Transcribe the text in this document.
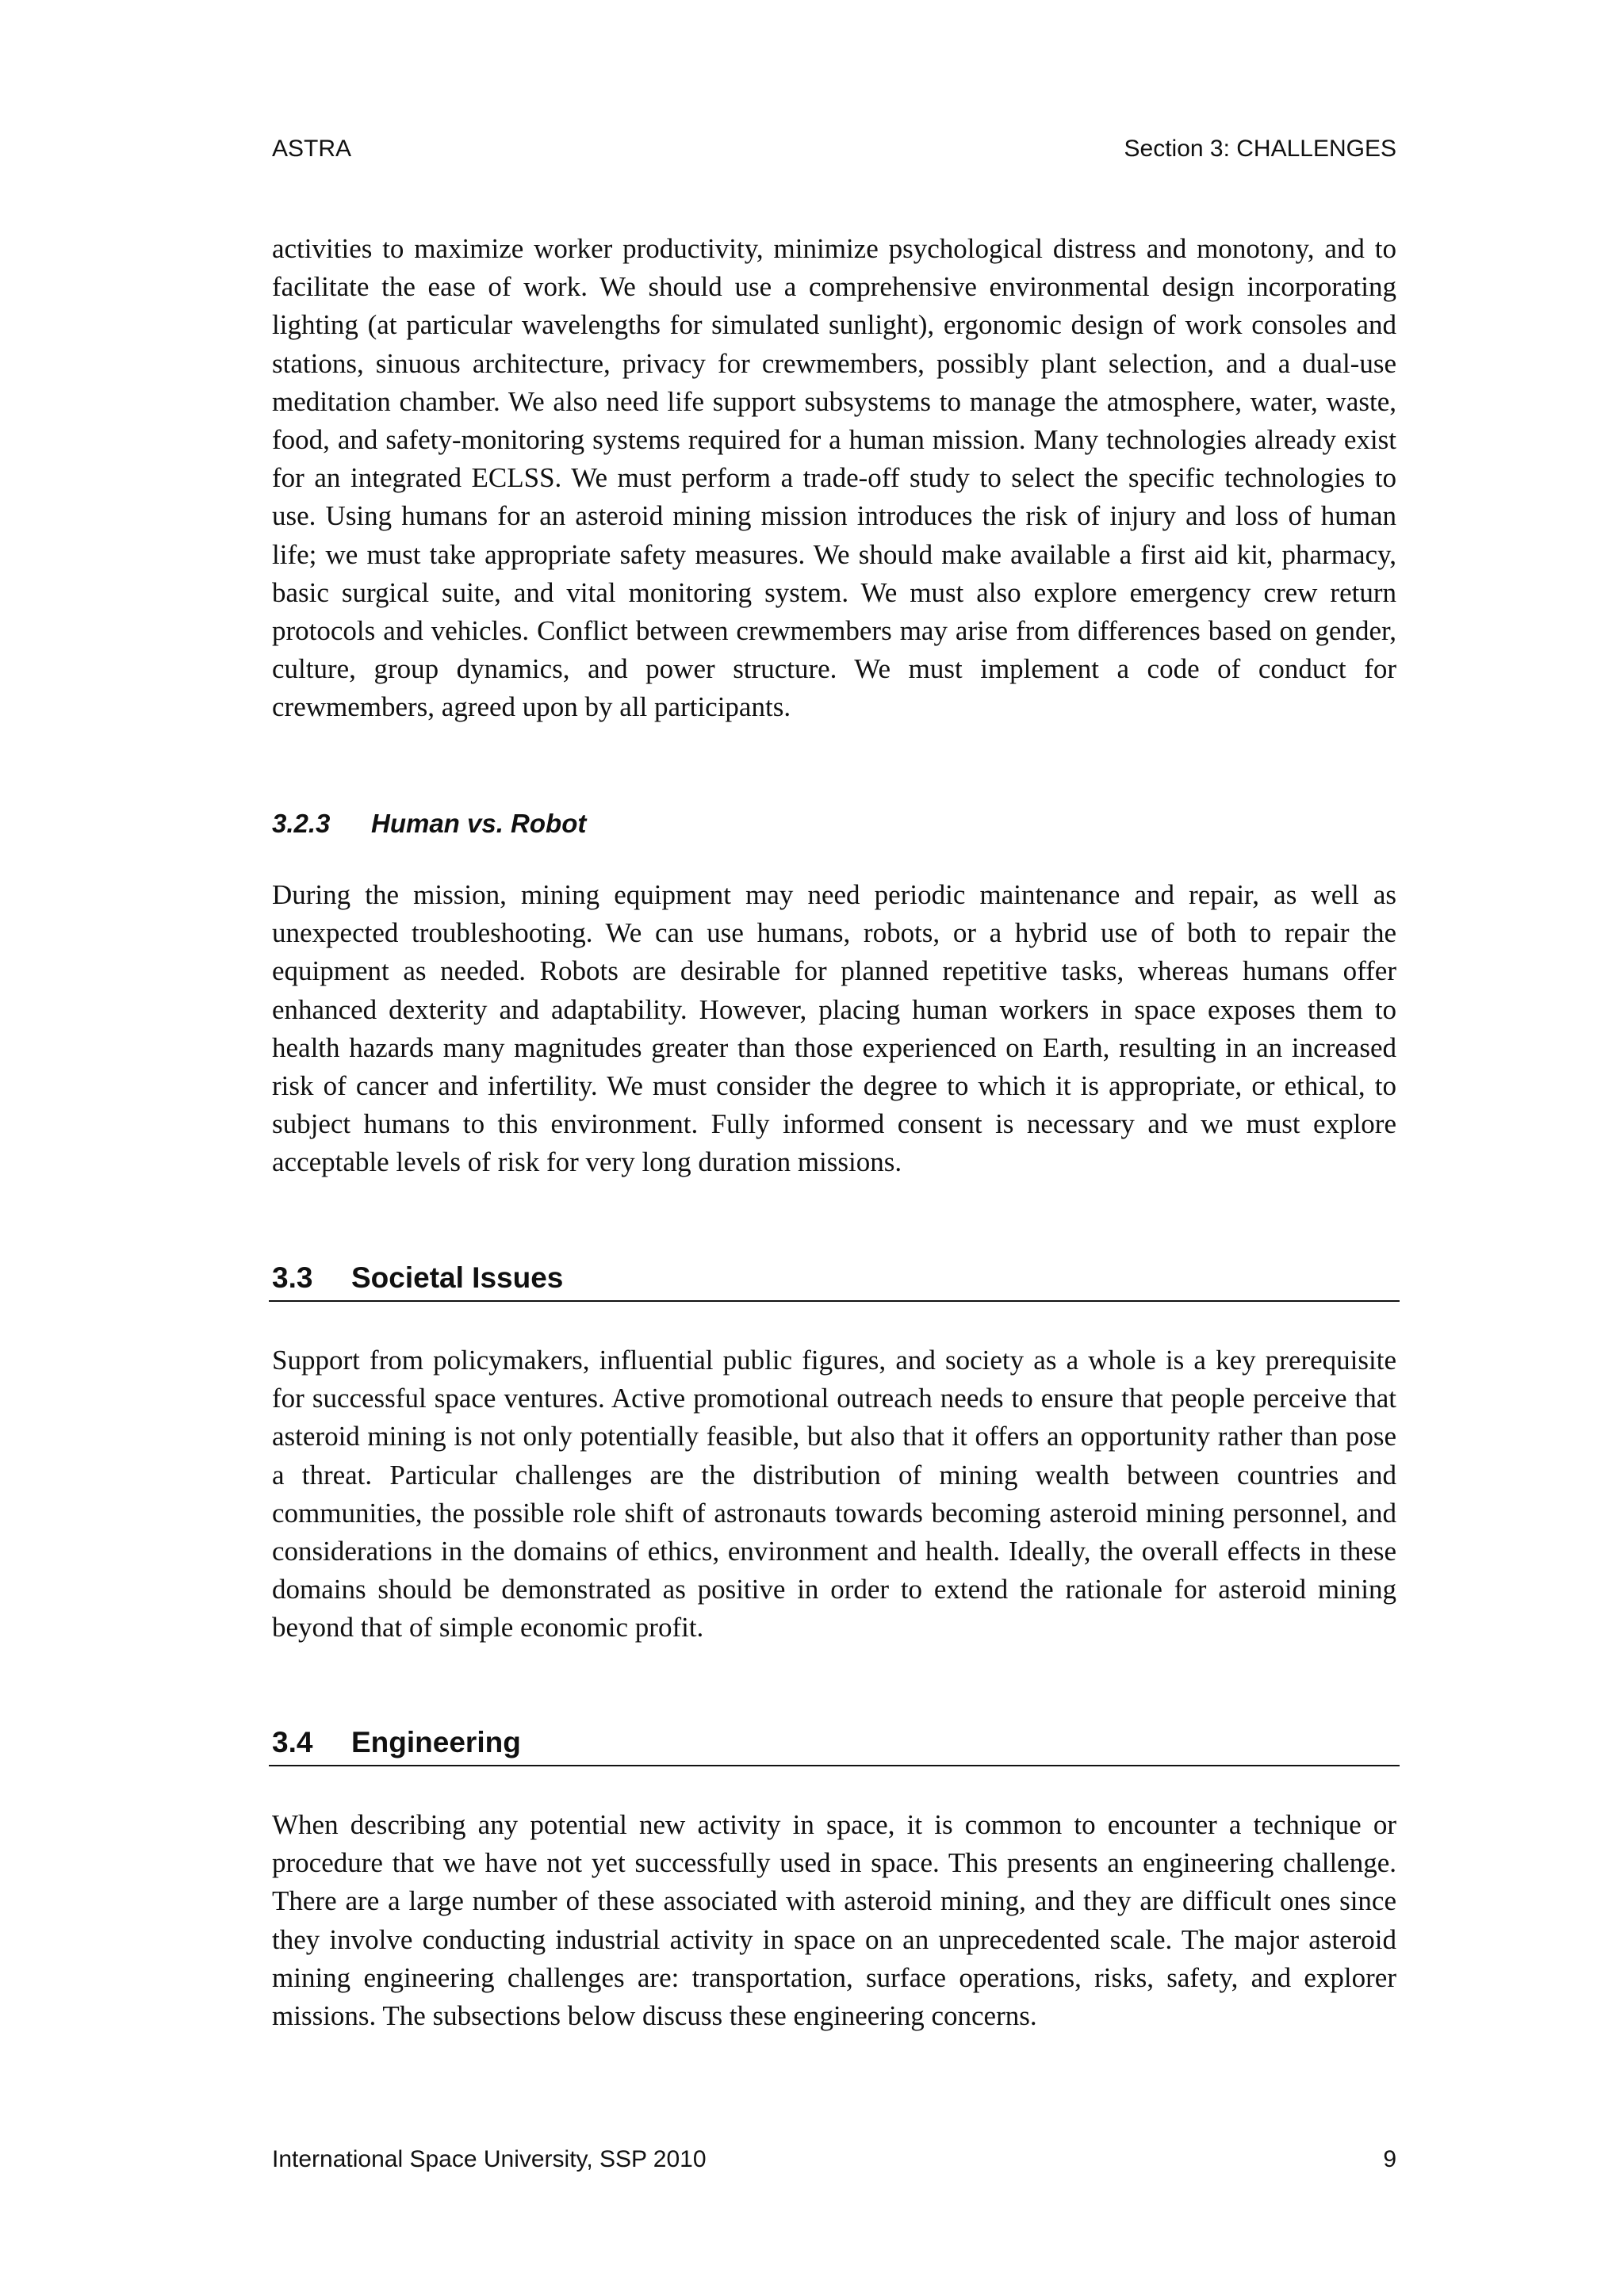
ASTRA	Section 3: CHALLENGES

activities to maximize worker productivity, minimize psychological distress and monotony, and to facilitate the ease of work. We should use a comprehensive environmental design incorporating lighting (at particular wavelengths for simulated sunlight), ergonomic design of work consoles and stations, sinuous architecture, privacy for crewmembers, possibly plant selection, and a dual-use meditation chamber. We also need life support subsystems to manage the atmosphere, water, waste, food, and safety-monitoring systems required for a human mission. Many technologies already exist for an integrated ECLSS. We must perform a trade-off study to select the specific technologies to use. Using humans for an asteroid mining mission introduces the risk of injury and loss of human life; we must take appropriate safety measures. We should make available a first aid kit, pharmacy, basic surgical suite, and vital monitoring system. We must also explore emergency crew return protocols and vehicles. Conflict between crewmembers may arise from differences based on gender, culture, group dynamics, and power structure. We must implement a code of conduct for crewmembers, agreed upon by all participants.

3.2.3	Human vs. Robot

During the mission, mining equipment may need periodic maintenance and repair, as well as unexpected troubleshooting. We can use humans, robots, or a hybrid use of both to repair the equipment as needed. Robots are desirable for planned repetitive tasks, whereas humans offer enhanced dexterity and adaptability. However, placing human workers in space exposes them to health hazards many magnitudes greater than those experienced on Earth, resulting in an increased risk of cancer and infertility. We must consider the degree to which it is appropriate, or ethical, to subject humans to this environment. Fully informed consent is necessary and we must explore acceptable levels of risk for very long duration missions.

3.3	Societal Issues

Support from policymakers, influential public figures, and society as a whole is a key prerequisite for successful space ventures. Active promotional outreach needs to ensure that people perceive that asteroid mining is not only potentially feasible, but also that it offers an opportunity rather than pose a threat. Particular challenges are the distribution of mining wealth between countries and communities, the possible role shift of astronauts towards becoming asteroid mining personnel, and considerations in the domains of ethics, environment and health. Ideally, the overall effects in these domains should be demonstrated as positive in order to extend the rationale for asteroid mining beyond that of simple economic profit.

3.4	Engineering

When describing any potential new activity in space, it is common to encounter a technique or procedure that we have not yet successfully used in space. This presents an engineering challenge. There are a large number of these associated with asteroid mining, and they are difficult ones since they involve conducting industrial activity in space on an unprecedented scale. The major asteroid mining engineering challenges are: transportation, surface operations, risks, safety, and explorer missions. The subsections below discuss these engineering concerns.

International Space University, SSP 2010	9
